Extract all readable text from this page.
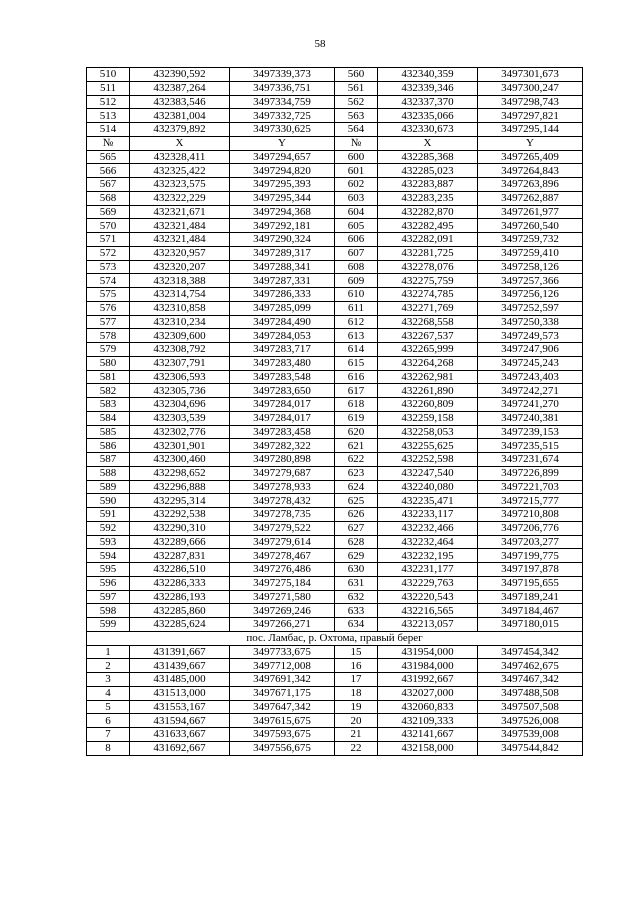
58
510	432390,592	3497339,373	560	432340,359	3497301,673
511	432387,264	3497336,751	561	432339,346	3497300,247
512	432383,546	3497334,759	562	432337,370	3497298,743
513	432381,004	3497332,725	563	432335,066	3497297,821
514	432379,892	3497330,625	564	432330,673	3497295,144
№	X	Y	№	X	Y
565	432328,411	3497294,657	600	432285,368	3497265,409
566	432325,422	3497294,820	601	432285,023	3497264,843
567	432323,575	3497295,393	602	432283,887	3497263,896
568	432322,229	3497295,344	603	432283,235	3497262,887
569	432321,671	3497294,368	604	432282,870	3497261,977
570	432321,484	3497292,181	605	432282,495	3497260,540
571	432321,484	3497290,324	606	432282,091	3497259,732
572	432320,957	3497289,317	607	432281,725	3497259,410
573	432320,207	3497288,341	608	432278,076	3497258,126
574	432318,388	3497287,331	609	432275,759	3497257,366
575	432314,754	3497286,333	610	432274,785	3497256,126
576	432310,858	3497285,099	611	432271,769	3497252,597
577	432310,234	3497284,490	612	432268,558	3497250,338
578	432309,600	3497284,053	613	432267,537	3497249,573
579	432308,792	3497283,717	614	432265,999	3497247,906
580	432307,791	3497283,480	615	432264,268	3497245,243
581	432306,593	3497283,548	616	432262,981	3497243,403
582	432305,736	3497283,650	617	432261,890	3497242,271
583	432304,696	3497284,017	618	432260,809	3497241,270
584	432303,539	3497284,017	619	432259,158	3497240,381
585	432302,776	3497283,458	620	432258,053	3497239,153
586	432301,901	3497282,322	621	432255,625	3497235,515
587	432300,460	3497280,898	622	432252,598	3497231,674
588	432298,652	3497279,687	623	432247,540	3497226,899
589	432296,888	3497278,933	624	432240,080	3497221,703
590	432295,314	3497278,432	625	432235,471	3497215,777
591	432292,538	3497278,735	626	432233,117	3497210,808
592	432290,310	3497279,522	627	432232,466	3497206,776
593	432289,666	3497279,614	628	432232,464	3497203,277
594	432287,831	3497278,467	629	432232,195	3497199,775
595	432286,510	3497276,486	630	432231,177	3497197,878
596	432286,333	3497275,184	631	432229,763	3497195,655
597	432286,193	3497271,580	632	432220,543	3497189,241
598	432285,860	3497269,246	633	432216,565	3497184,467
599	432285,624	3497266,271	634	432213,057	3497180,015
пос. Ламбас, р. Охтома, правый берег					
1	431391,667	3497733,675	15	431954,000	3497454,342
2	431439,667	3497712,008	16	431984,000	3497462,675
3	431485,000	3497691,342	17	431992,667	3497467,342
4	431513,000	3497671,175	18	432027,000	3497488,508
5	431553,167	3497647,342	19	432060,833	3497507,508
6	431594,667	3497615,675	20	432109,333	3497526,008
7	431633,667	3497593,675	21	432141,667	3497539,008
8	431692,667	3497556,675	22	432158,000	3497544,842
